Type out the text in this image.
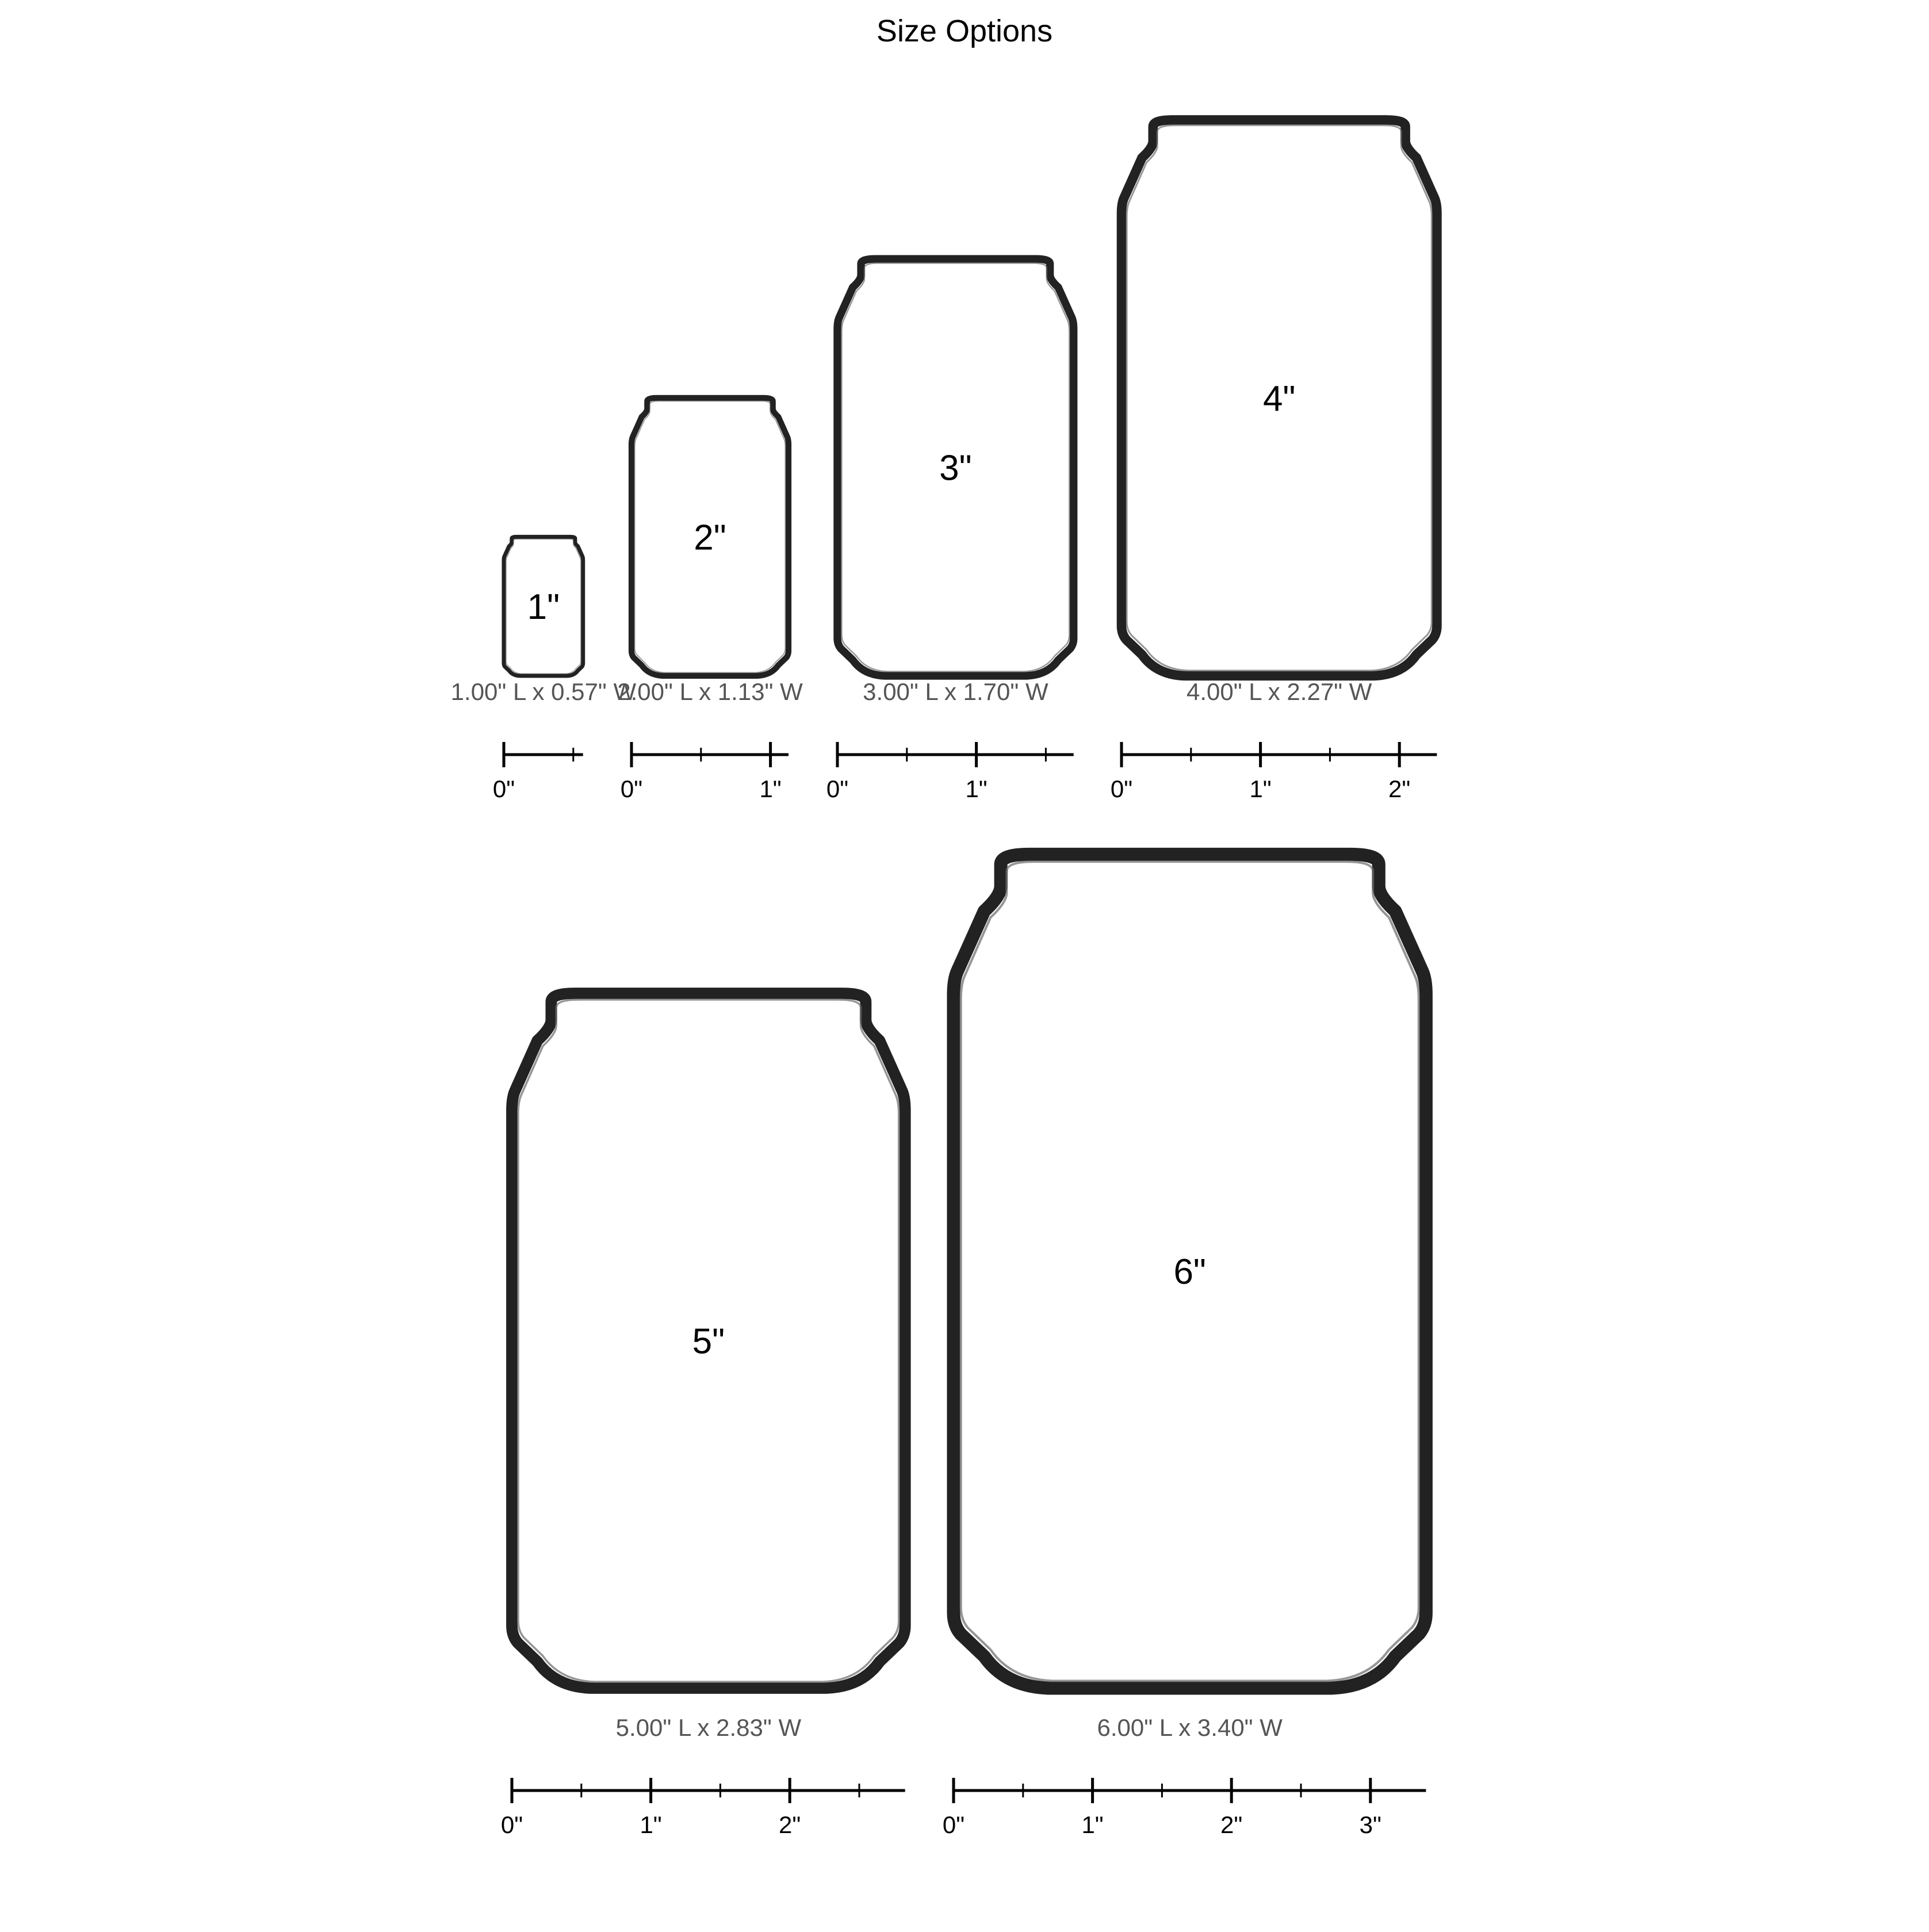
Size Options
1"
1.00" L x 0.57" W
0"
2"
2.00" L x 1.13" W
0"	1"
3"
3.00" L x 1.70" W
0"	1"
4"
4.00" L x 2.27" W
0"	1"	2"
5"
5.00" L x 2.83" W
0"	1"	2"
6"
6.00" L x 3.40" W
0"	1"	2"	3"
